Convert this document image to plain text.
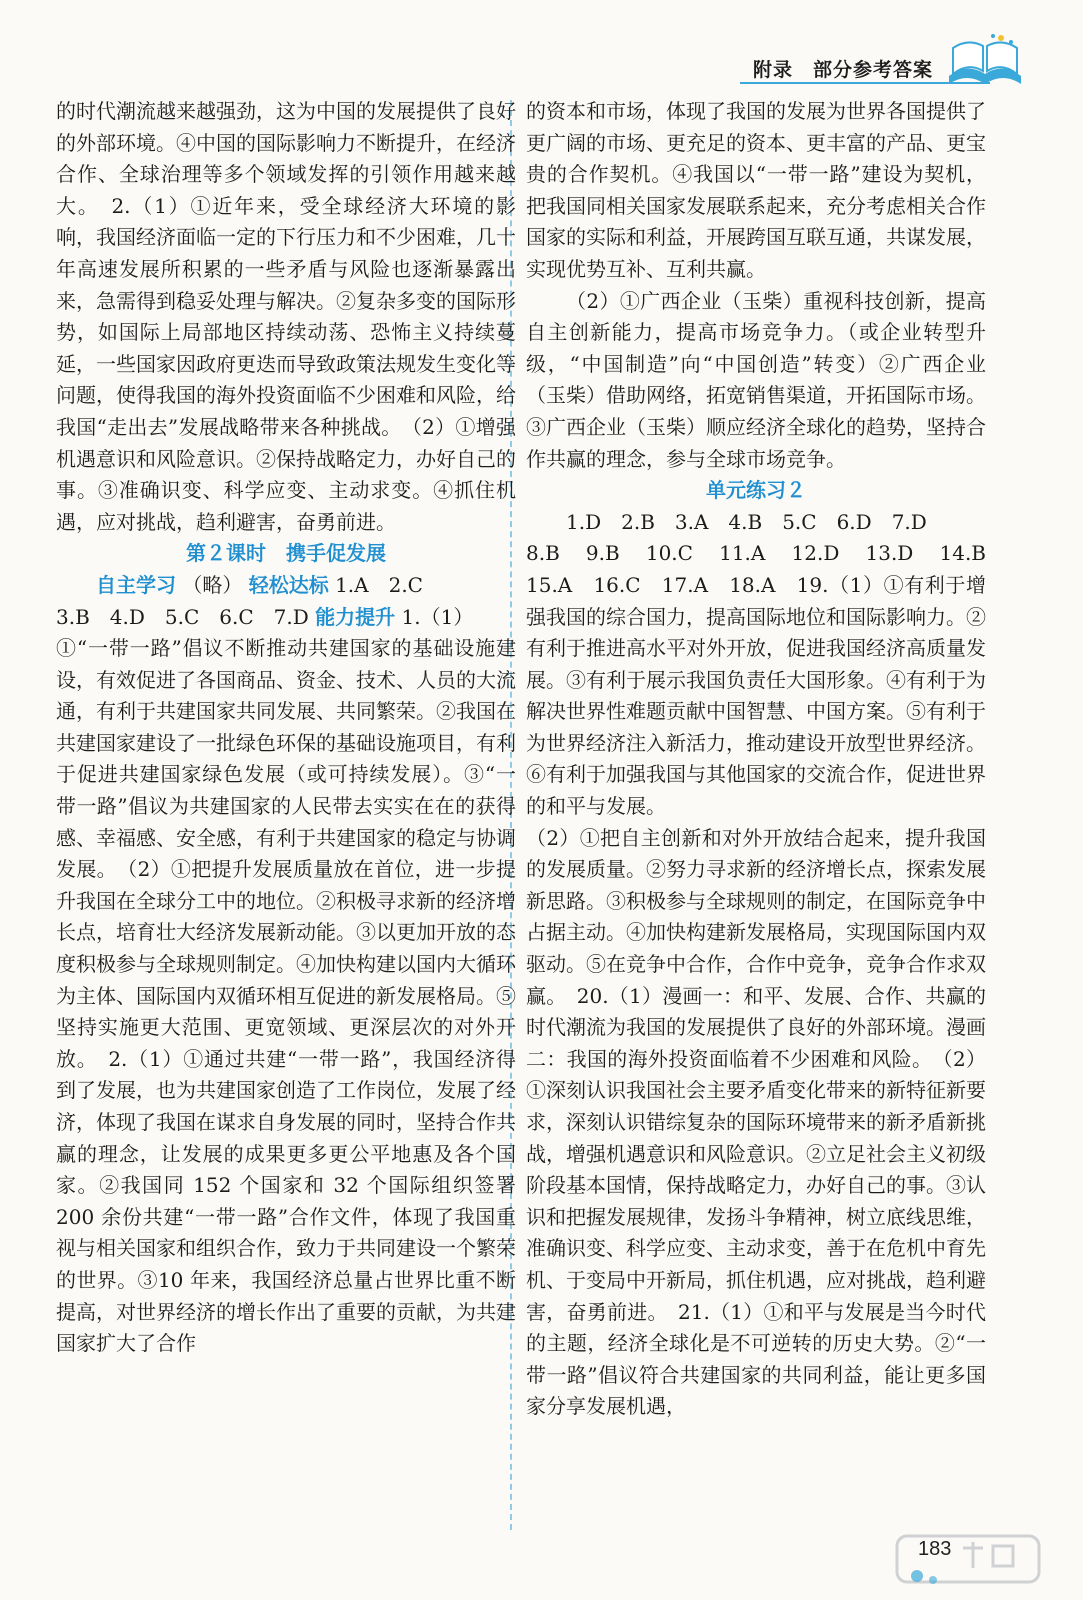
附录　部分参考答案

的时代潮流越来越强劲，这为中国的发展提供了良好的外部环境。④中国的国际影响力不断提升，在经济合作、全球治理等多个领域发挥的引领作用越来越大。　2.（1）①近年来，受全球经济大环境的影响，我国经济面临一定的下行压力和不少困难，几十年高速发展所积累的一些矛盾与风险也逐渐暴露出来，急需得到稳妥处理与解决。②复杂多变的国际形势，如国际上局部地区持续动荡、恐怖主义持续蔓延，一些国家因政府更迭而导致政策法规发生变化等问题，使得我国的海外投资面临不少困难和风险，给我国“走出去”发展战略带来各种挑战。　（2）①增强机遇意识和风险意识。②保持战略定力，办好自己的事。③准确识变、科学应变、主动求变。④抓住机遇，应对挑战，趋利避害，奋勇前进。

第２课时　携手促发展

自主学习 （略） 轻松达标 1.A　2.C

3.B　4.D　5.C　6.C　7.D 能力提升 1.（1）

①“一带一路”倡议不断推动共建国家的基础设施建设，有效促进了各国商品、资金、技术、人员的大流通，有利于共建国家共同发展、共同繁荣。②我国在共建国家建设了一批绿色环保的基础设施项目，有利于促进共建国家绿色发展（或可持续发展）。③“一带一路”倡议为共建国家的人民带去实实在在的获得感、幸福感、安全感，有利于共建国家的稳定与协调发展。　（2）①把提升发展质量放在首位，进一步提升我国在全球分工中的地位。②积极寻求新的经济增长点，培育壮大经济发展新动能。③以更加开放的态度积极参与全球规则制定。④加快构建以国内大循环为主体、国际国内双循环相互促进的新发展格局。⑤坚持实施更大范围、更宽领域、更深层次的对外开放。　2.（1）①通过共建“一带一路”，我国经济得到了发展，也为共建国家创造了工作岗位，发展了经济，体现了我国在谋求自身发展的同时，坚持合作共赢的理念，让发展的成果更多更公平地惠及各个国家。②我国同 152 个国家和 32 个国际组织签署 200 余份共建“一带一路”合作文件，体现了我国重视与相关国家和组织合作，致力于共同建设一个繁荣的世界。③10 年来，我国经济总量占世界比重不断提高，对世界经济的增长作出了重要的贡献，为共建国家扩大了合作

的资本和市场，体现了我国的发展为世界各国提供了更广阔的市场、更充足的资本、更丰富的产品、更宝贵的合作契机。④我国以“一带一路”建设为契机，把我国同相关国家发展联系起来，充分考虑相关合作国家的实际和利益，开展跨国互联互通，共谋发展，实现优势互补、互利共赢。

（2）①广西企业（玉柴）重视科技创新，提高自主创新能力，提高市场竞争力。（或企业转型升级，“中国制造”向“中国创造”转变）②广西企业（玉柴）借助网络，拓宽销售渠道，开拓国际市场。③广西企业（玉柴）顺应经济全球化的趋势，坚持合作共赢的理念，参与全球市场竞争。

单元练习２

1.D　2.B　3.A　4.B　5.C　6.D　7.D

8.B　9.B　10.C　11.A　12.D　13.D　14.B　15.A　16.C　17.A　18.A　19.（1）①有利于增强我国的综合国力，提高国际地位和国际影响力。②有利于推进高水平对外开放，促进我国经济高质量发展。③有利于展示我国负责任大国形象。④有利于为解决世界性难题贡献中国智慧、中国方案。⑤有利于为世界经济注入新活力，推动建设开放型世界经济。⑥有利于加强我国与其他国家的交流合作，促进世界的和平与发展。

（2）①把自主创新和对外开放结合起来，提升我国的发展质量。②努力寻求新的经济增长点，探索发展新思路。③积极参与全球规则的制定，在国际竞争中占据主动。④加快构建新发展格局，实现国际国内双驱动。⑤在竞争中合作，合作中竞争，竞争合作求双赢。　20.（1）漫画一：和平、发展、合作、共赢的时代潮流为我国的发展提供了良好的外部环境。漫画二：我国的海外投资面临着不少困难和风险。　（2）①深刻认识我国社会主要矛盾变化带来的新特征新要求，深刻认识错综复杂的国际环境带来的新矛盾新挑战，增强机遇意识和风险意识。②立足社会主义初级阶段基本国情，保持战略定力，办好自己的事。③认识和把握发展规律，发扬斗争精神，树立底线思维，准确识变、科学应变、主动求变，善于在危机中育先机、于变局中开新局，抓住机遇，应对挑战，趋利避害，奋勇前进。　21.（1）①和平与发展是当今时代的主题，经济全球化是不可逆转的历史大势。②“一带一路”倡议符合共建国家的共同利益，能让更多国家分享发展机遇，

183
